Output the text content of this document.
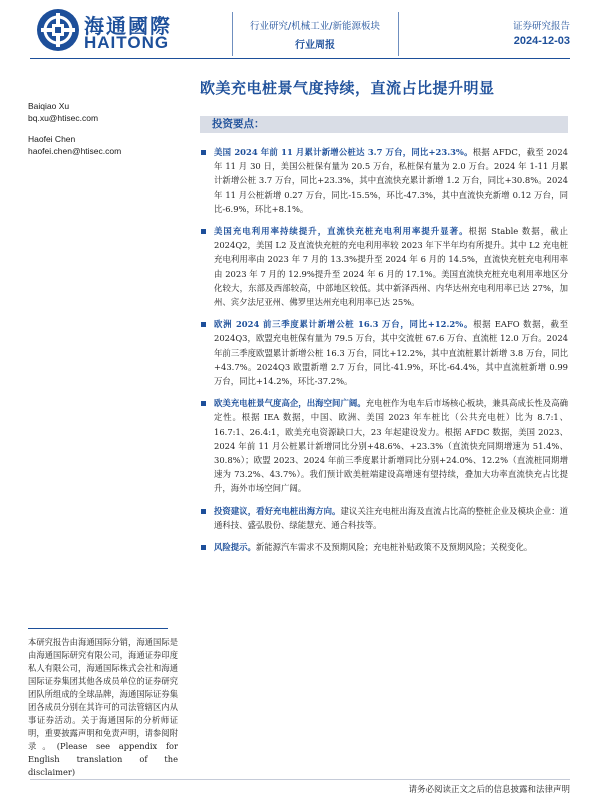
海通國際
HAITONG
行业研究/机械工业/新能源板块
行业周报
证券研究报告
2024-12-03
欧美充电桩景气度持续，直流占比提升明显
Baiqiao Xu
bq.xu@htisec.com
Haofei Chen
haofei.chen@htisec.com
投资要点：
美国 2024 年前 11 月累计新增公桩达 3.7 万台，同比+23.3%。根据 AFDC，截至 2024 年 11 月 30 日，美国公桩保有量为 20.5 万台，私桩保有量为 2.0 万台。2024 年 1-11 月累计新增公桩 3.7 万台，同比+23.3%，其中直流快充累计新增 1.2 万台，同比+30.8%。2024 年 11 月公桩新增 0.27 万台，同比-15.5%，环比-47.3%，其中直流快充新增 0.12 万台，同比-6.9%，环比+8.1%。
美国充电利用率持续提升，直流快充桩充电利用率提升显著。根据 Stable 数据，截止 2024Q2，美国 L2 及直流快充桩的充电利用率较 2023 年下半年均有所提升。其中 L2 充电桩充电利用率由 2023 年 7 月的 13.3%提升至 2024 年 6 月的 14.5%，直流快充桩充电利用率由 2023 年 7 月的 12.9%提升至 2024 年 6 月的 17.1%。美国直流快充桩充电利用率地区分化较大，东部及西部较高，中部地区较低。其中新泽西州、内华达州充电利用率已达 27%，加州、宾夕法尼亚州、佛罗里达州充电利用率已达 25%。
欧洲 2024 前三季度累计新增公桩 16.3 万台，同比+12.2%。根据 EAFO 数据，截至 2024Q3，欧盟充电桩保有量为 79.5 万台，其中交流桩 67.6 万台、直流桩 12.0 万台。2024 年前三季度欧盟累计新增公桩 16.3 万台，同比+12.2%，其中直流桩累计新增 3.8 万台，同比+43.7%。2024Q3 欧盟新增 2.7 万台，同比-41.9%，环比-64.4%，其中直流桩新增 0.99 万台，同比+14.2%，环比-37.2%。
欧美充电桩景气度高企，出海空间广阔。充电桩作为电车后市场核心板块，兼具高成长性及高确定性。根据 IEA 数据，中国、欧洲、美国 2023 年车桩比（公共充电桩）比为 8.7:1、16.7:1、26.4:1，欧美充电资源缺口大，23 年起建设发力。根据 AFDC 数据，美国 2023、2024 年前 11 月公桩累计新增同比分别+48.6%、+23.3%（直流快充同期增速为 51.4%、30.8%）；欧盟 2023、2024 年前三季度累计新增同比分别+24.0%、12.2%（直流桩同期增速为 73.2%、43.7%）。我们预计欧美桩端建设高增速有望持续，叠加大功率直流快充占比提升，海外市场空间广阔。
投资建议，看好充电桩出海方向。建议关注充电桩出海及直流占比高的整桩企业及模块企业：道通科技、盛弘股份、绿能慧充、通合科技等。
风险提示。新能源汽车需求不及预期风险；充电桩补贴政策不及预期风险；关税变化。
本研究报告由海通国际分销，海通国际是由海通国际研究有限公司，海通证券印度私人有限公司，海通国际株式会社和海通国际证券集团其他各成员单位的证券研究团队所组成的全球品牌，海通国际证券集团各成员分别在其许可的司法管辖区内从事证券活动。关于海通国际的分析师证明，重要披露声明和免责声明，请参阅附录。(Please see appendix for English translation of the disclaimer)
请务必阅读正文之后的信息披露和法律声明
